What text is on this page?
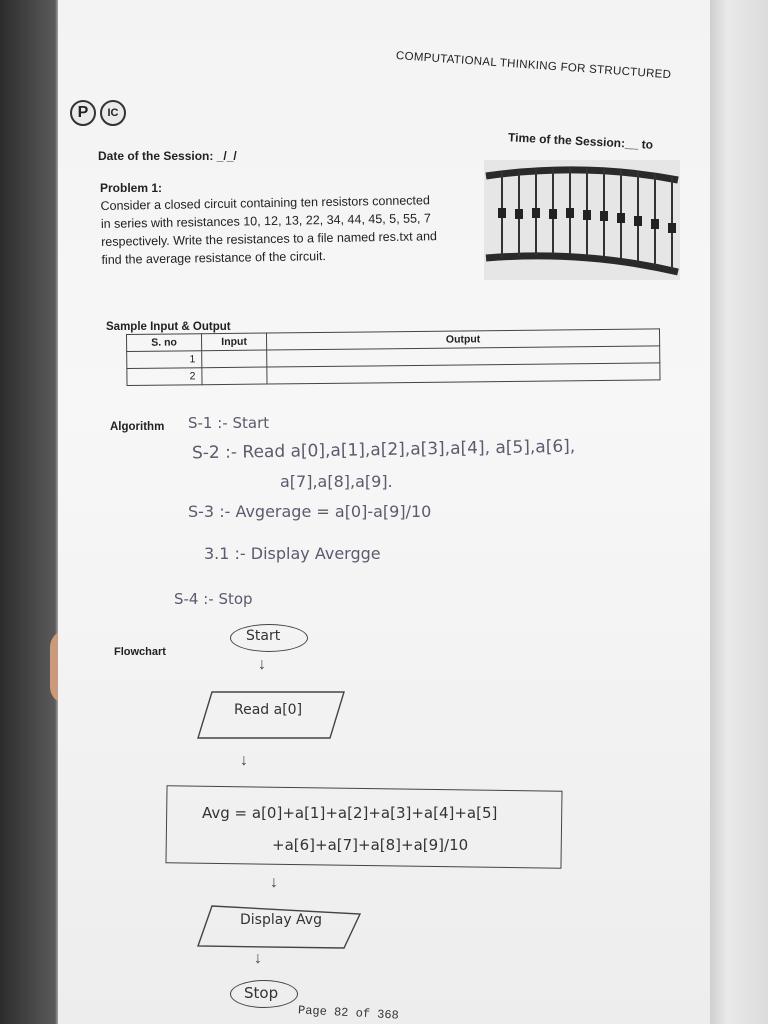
COMPUTATIONAL THINKING FOR STRUCTURED
P	IC
Date of the Session: _/_/
Time of the Session:__ to
Problem 1:
Consider a closed circuit containing ten resistors connected in series with resistances 10, 12, 13, 22, 34, 44, 45, 5, 55, 7 respectively. Write the resistances to a file named res.txt and find the average resistance of the circuit.
Sample Input & Output
S. no	Input	Output
1		
2		
Algorithm S-1 :- Start
S-2 :- Read a[0],a[1],a[2],a[3],a[4], a[5],a[6],
a[7],a[8],a[9].
S-3 :- Avgerage = a[0]-a[9]/10
3.1 :- Display Avergge
S-4 :- Stop
Flowchart
Start
↓
Read a[0]
↓
Avg = a[0]+a[1]+a[2]+a[3]+a[4]+a[5]
+a[6]+a[7]+a[8]+a[9]/10
↓
Display Avg
↓
Stop
Page 82 of 368
